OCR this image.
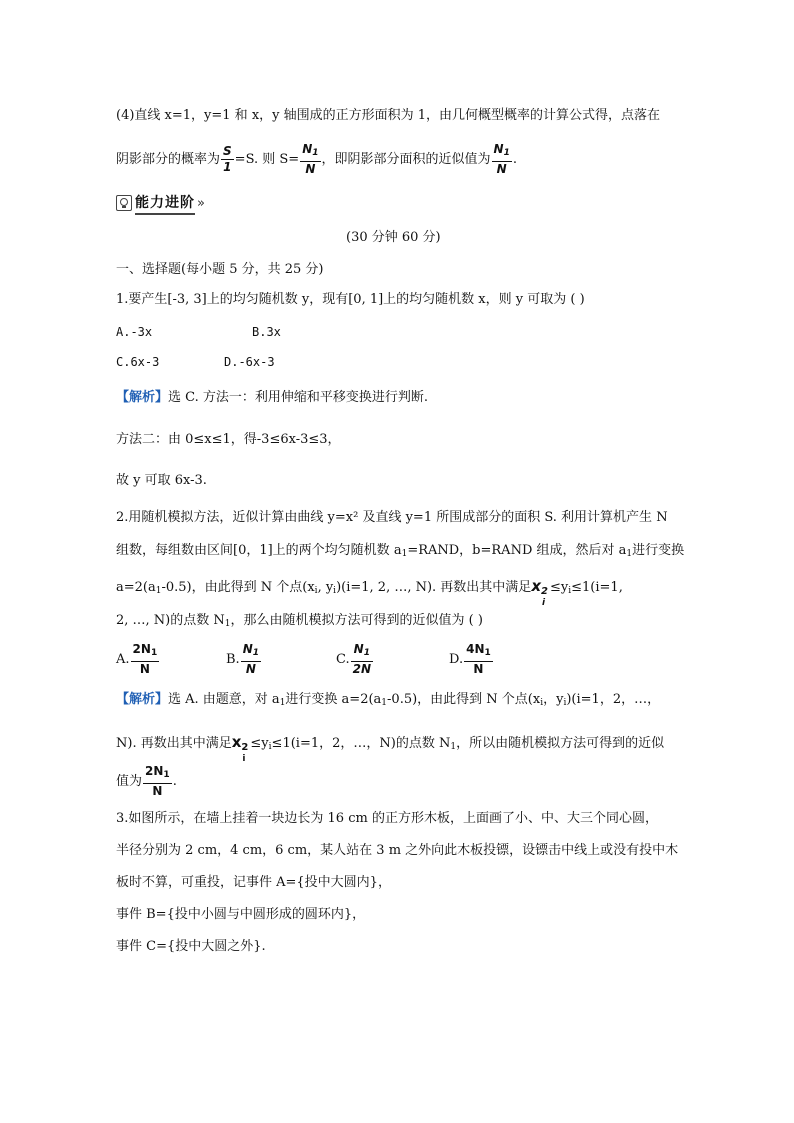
(4)直线 x=1，y=1 和 x，y 轴围成的正方形面积为 1，由几何概型概率的计算公式得，点落在
阴影部分的概率为 $\frac{S}{1} =S$. 则 $S= \frac{N_1}{N}$ ，即阴影部分面积的近似值为 $\frac{N_1}{N}$ .
能力进阶 »
(30 分钟 60 分)
一、选择题(每小题 5 分，共 25 分)
1.要产生[-3, 3]上的均匀随机数 y，现有[0, 1]上的均匀随机数 x，则 y 可取为 ( )
A.-3x	B.3x
C.6x-3	D.-6x-3
【解析】选 C. 方法一：利用伸缩和平移变换进行判断.
方法二：由 0≤x≤1，得-3≤6x-3≤3，
故 y 可取 6x-3.
2.用随机模拟方法，近似计算由曲线 y=x² 及直线 y=1 所围成部分的面积 S. 利用计算机产生 N
组数，每组数由区间[0，1]上的两个均匀随机数 $a_1=RAND$，b=RAND 组成，然后对 $a_1$进行变换
$a=2(a_1-0.5)$，由此得到 N 个点($x_i$, $y_i)(i=1$, 2, …, N). 再数出其中满足x 2
i
$\le y_i\le 1(i=1$,
2, …, N)的点数 $N_1$，那么由随机模拟方法可得到的近似值为 ( )
A. $\frac{2N_1}{N}$	B. $\frac{N_1}{N}$	C. $\frac{N_1}{2N}$	D. $\frac{4N_1}{N}$
【解析】选 A. 由题意，对 $a_1$进行变换 $a=2(a_1-0.5)$，由此得到 N 个点($x_i$，$y_i)(i=1$，2，…，
N). 再数出其中满足x 2
i
$\le y_i\le 1(i=1$，2，…，N)的点数 $N_1$，所以由随机模拟方法可得到的近似
值为 $\frac{2N_1}{N}$ .
3.如图所示，在墙上挂着一块边长为 16 cm 的正方形木板，上面画了小、中、大三个同心圆，
半径分别为 2 cm，4 cm，6 cm，某人站在 3 m 之外向此木板投镖，设镖击中线上或没有投中木
板时不算，可重投，记事件 A={投中大圆内}，
事件 B={投中小圆与中圆形成的圆环内}，
事件 C={投中大圆之外}.
